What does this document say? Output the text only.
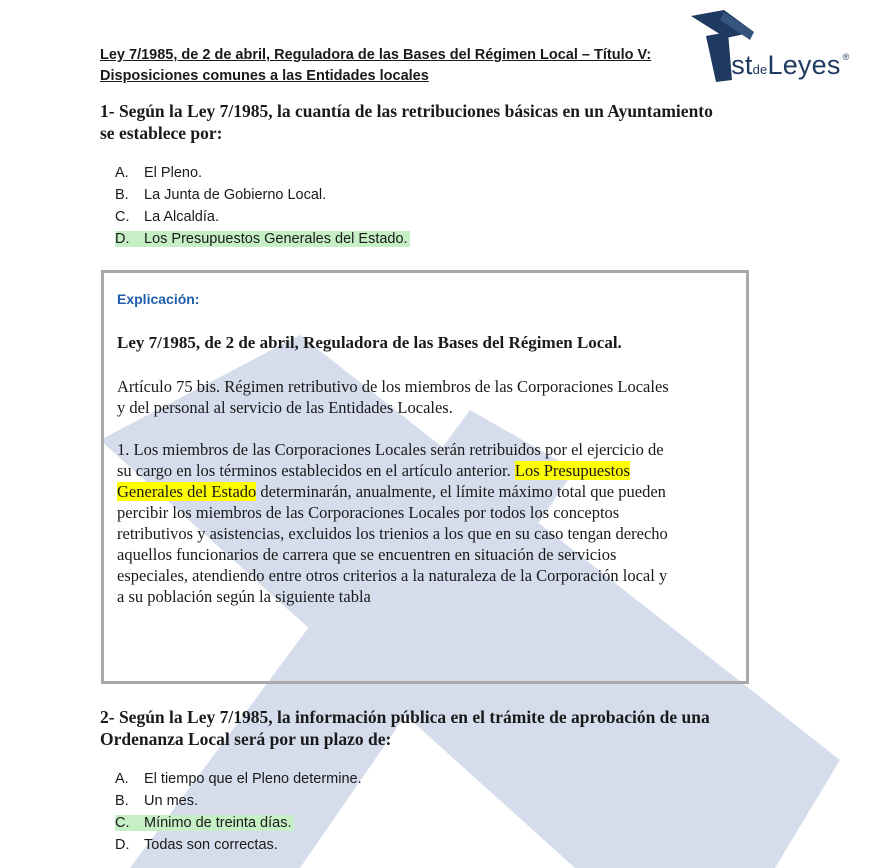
Ley 7/1985, de 2 de abril, Reguladora de las Bases del Régimen Local – Título V:
Disposiciones comunes a las Entidades locales	estdeLeyes ®
1- Según la Ley 7/1985, la cuantía de las retribuciones básicas en un Ayuntamiento
se establece por:
A. El Pleno.
B. La Junta de Gobierno Local.
C. La Alcaldía.
D. Los Presupuestos Generales del Estado.
Explicación:
Ley 7/1985, de 2 de abril, Reguladora de las Bases del Régimen Local.
Artículo 75 bis. Régimen retributivo de los miembros de las Corporaciones Locales
y del personal al servicio de las Entidades Locales.
1. Los miembros de las Corporaciones Locales serán retribuidos por el ejercicio de
su cargo en los términos establecidos en el artículo anterior. Los Presupuestos
Generales del Estado determinarán, anualmente, el límite máximo total que pueden
percibir los miembros de las Corporaciones Locales por todos los conceptos
retributivos y asistencias, excluidos los trienios a los que en su caso tengan derecho
aquellos funcionarios de carrera que se encuentren en situación de servicios
especiales, atendiendo entre otros criterios a la naturaleza de la Corporación local y
a su población según la siguiente tabla
2- Según la Ley 7/1985, la información pública en el trámite de aprobación de una
Ordenanza Local será por un plazo de:
A. El tiempo que el Pleno determine.
B. Un mes.
C. Mínimo de treinta días.
D. Todas son correctas.
